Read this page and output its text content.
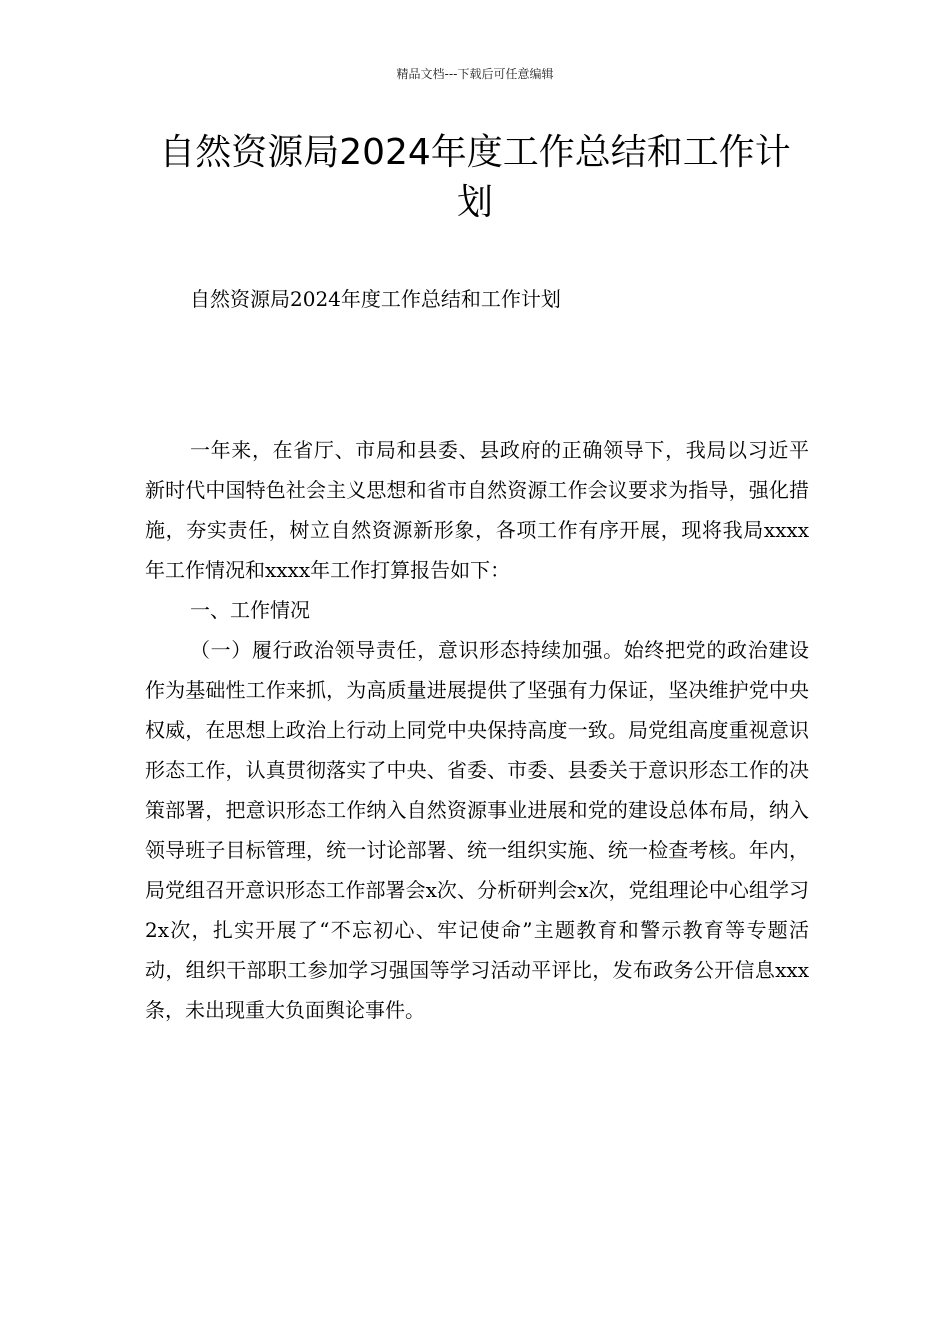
精品文档---下载后可任意编辑
自然资源局2024年度工作总结和工作计划

自然资源局2024年度工作总结和工作计划

一年来，在省厅、市局和县委、县政府的正确领导下，我局以习近平新时代中国特色社会主义思想和省市自然资源工作会议要求为指导，强化措施，夯实责任，树立自然资源新形象，各项工作有序开展，现将我局xxxx年工作情况和xxxx年工作打算报告如下：

一、工作情况

（一）履行政治领导责任，意识形态持续加强。始终把党的政治建设作为基础性工作来抓，为高质量进展提供了坚强有力保证，坚决维护党中央权威，在思想上政治上行动上同党中央保持高度一致。局党组高度重视意识形态工作，认真贯彻落实了中央、省委、市委、县委关于意识形态工作的决策部署，把意识形态工作纳入自然资源事业进展和党的建设总体布局，纳入领导班子目标管理，统一讨论部署、统一组织实施、统一检查考核。年内，局党组召开意识形态工作部署会x次、分析研判会x次，党组理论中心组学习2x次，扎实开展了“不忘初心、牢记使命”主题教育和警示教育等专题活动，组织干部职工参加学习强国等学习活动平评比，发布政务公开信息xxx条，未出现重大负面舆论事件。
